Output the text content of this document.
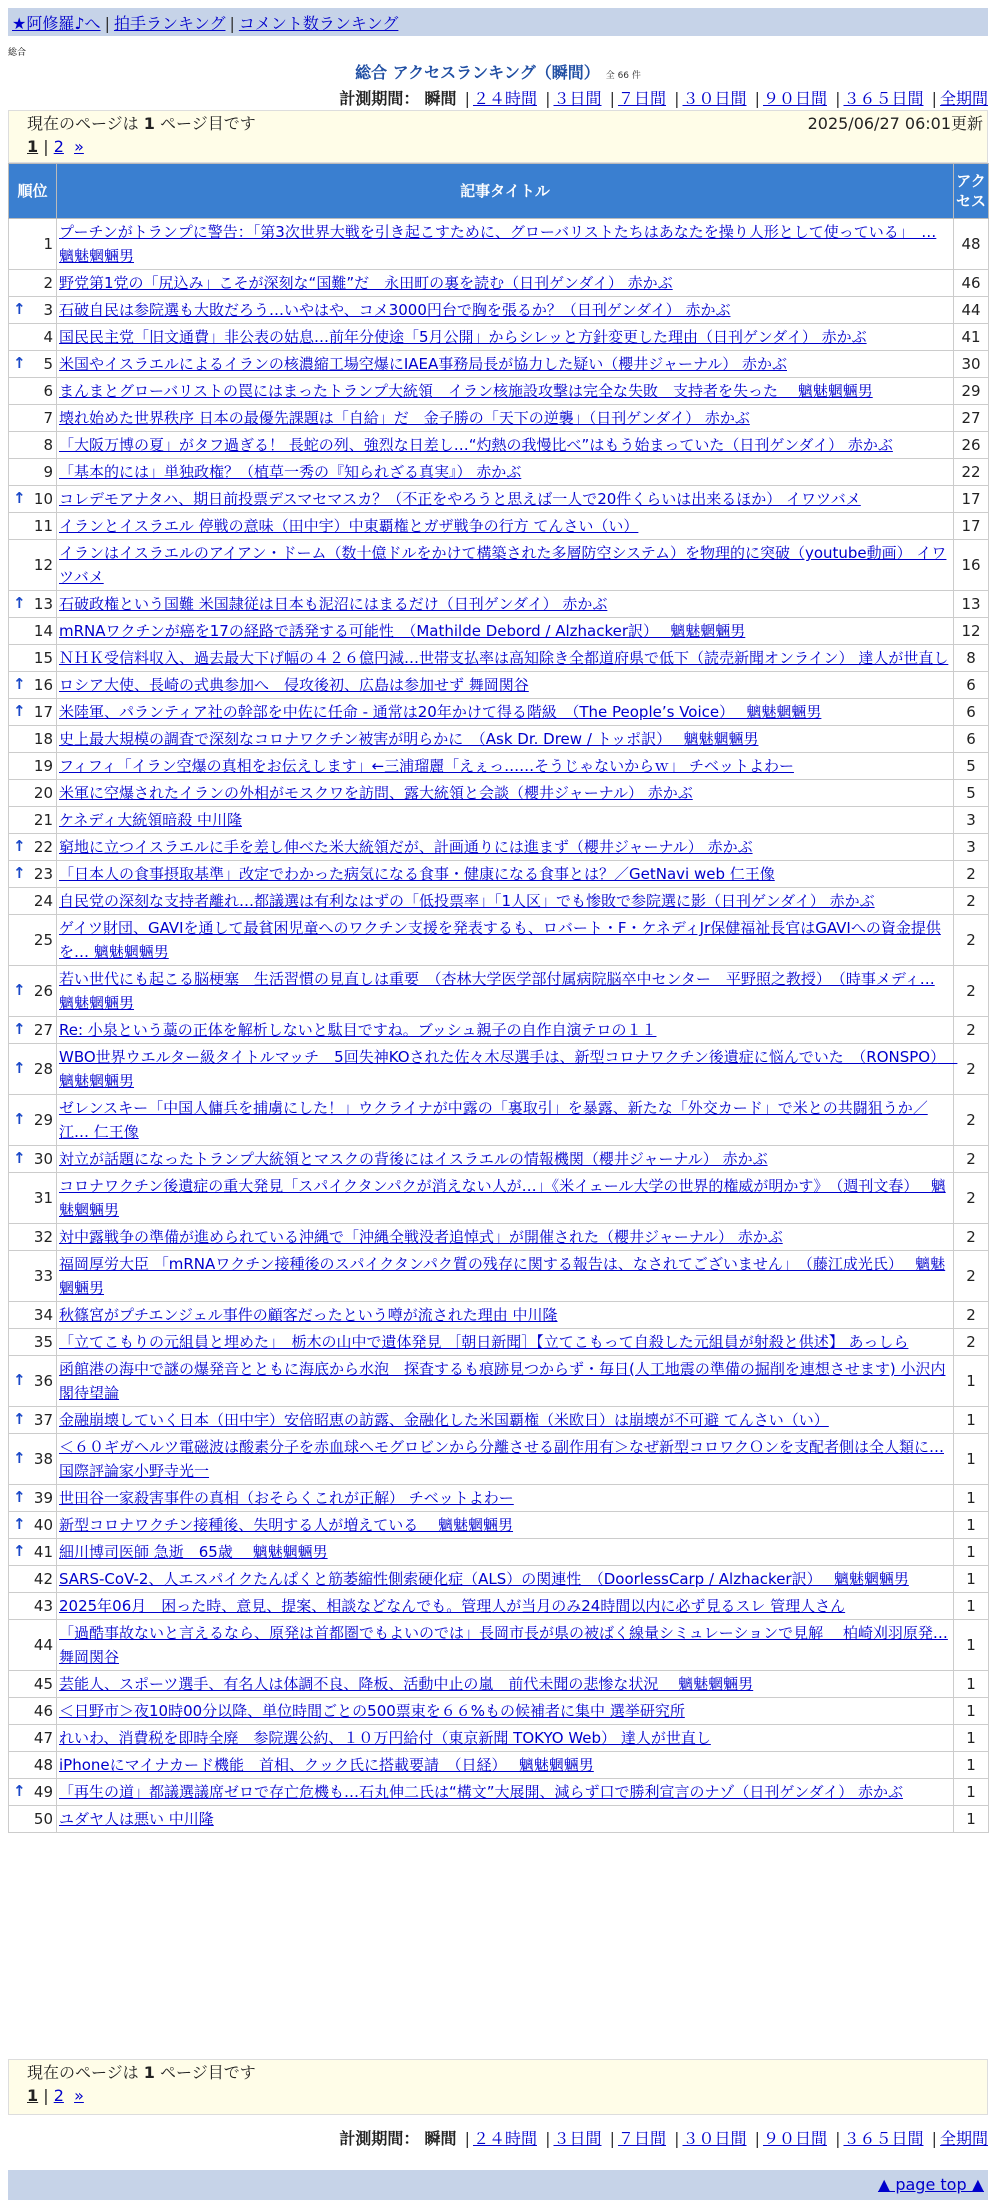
★阿修羅♪へ | 拍手ランキング | コメント数ランキング
総合
総合 アクセスランキング（瞬間） 全 66 件
計測期間： 瞬間 | ２４時間 | ３日間 | ７日間 | ３０日間 | ９０日間 | ３６５日間 | 全期間
現在のページは 1 ページ目です	2025/06/27 06:01更新
1 | 2 »
順位	記事タイトル	アクセス
1	プーチンがトランプに警告：「第3次世界大戦を引き起こすために、グローバリストたちはあなたを操り人形として使っている」　… 魑魅魍魎男	48
2	野党第1党の「尻込み」こそが深刻な“国難”だ　永田町の裏を読む（日刊ゲンダイ） 赤かぶ	46

↑ 3	石破自民は参院選も大敗だろう…いやはや、コメ3000円台で胸を張るか？（日刊ゲンダイ） 赤かぶ	44
4	国民民主党「旧文通費」非公表の姑息…前年分使途「5月公開」からシレッと方針変更した理由（日刊ゲンダイ） 赤かぶ	41

↑ 5	米国やイスラエルによるイランの核濃縮工場空爆にIAEA事務局長が協力した疑い（櫻井ジャーナル） 赤かぶ	30
6	まんまとグローバリストの罠にはまったトランプ大統領　イラン核施設攻撃は完全な失敗　支持者を失った　 魑魅魍魎男	29
7	壊れ始めた世界秩序 日本の最優先課題は「自給」だ　金子勝の「天下の逆襲」（日刊ゲンダイ） 赤かぶ	27
8	「大阪万博の夏」がタフ過ぎる！ 長蛇の列、強烈な日差し…“灼熱の我慢比べ”はもう始まっていた（日刊ゲンダイ） 赤かぶ	26
9	「基本的には」単独政権？（植草一秀の『知られざる真実』） 赤かぶ	22

↑ 10	コレデモアナタハ、期日前投票デスマセマスカ？（不正をやろうと思えば一人で20件くらいは出来るほか） イワツバメ	17
11	イランとイスラエル 停戦の意味（田中宇）中東覇権とガザ戦争の行方 てんさい（い）	17
12	イランはイスラエルのアイアン・ドーム（数十億ドルをかけて構築された多層防空システム）を物理的に突破（youtube動画） イワツバメ	16

↑ 13	石破政権という国難 米国隷従は日本も泥沼にはまるだけ（日刊ゲンダイ） 赤かぶ	13
14	mRNAワクチンが癌を17の経路で誘発する可能性　（Mathilde Debord / Alzhacker訳）　 魑魅魍魎男	12
15	ＮＨＫ受信料収入、過去最大下げ幅の４２６億円減…世帯支払率は高知除き全都道府県で低下（読売新聞オンライン） 達人が世直し	8

↑ 16	ロシア大使、長崎の式典参加へ　侵攻後初、広島は参加せず 舞岡関谷	6

↑ 17	米陸軍、パランティア社の幹部を中佐に任命 - 通常は20年かけて得る階級　（The People’s Voice）　 魑魅魍魎男	6
18	史上最大規模の調査で深刻なコロナワクチン被害が明らかに　（Ask Dr. Drew / トッポ訳）　 魑魅魍魎男	6
19	フィフィ「イラン空爆の真相をお伝えします」←三浦瑠麗「えぇっ……そうじゃないからｗ」 チベットよわー	5
20	米軍に空爆されたイランの外相がモスクワを訪問、露大統領と会談（櫻井ジャーナル） 赤かぶ	5
21	ケネディ大統領暗殺 中川隆	3

↑ 22	窮地に立つイスラエルに手を差し伸べた米大統領だが、計画通りには進まず（櫻井ジャーナル） 赤かぶ	3

↑ 23	「日本人の食事摂取基準」改定でわかった病気になる食事・健康になる食事とは？／GetNavi web 仁王像	2
24	自民党の深刻な支持者離れ…都議選は有利なはずの「低投票率」「1人区」でも惨敗で参院選に影（日刊ゲンダイ） 赤かぶ	2
25	ゲイツ財団、GAVIを通して最貧困児童へのワクチン支援を発表するも、ロバート・F・ケネディJr保健福祉長官はGAVIへの資金提供を… 魑魅魍魎男	2

↑ 26	若い世代にも起こる脳梗塞　生活習慣の見直しは重要　（杏林大学医学部付属病院脳卒中センター　平野照之教授）　（時事メディ… 魑魅魍魎男	2

↑ 27	Re: 小泉という藁の正体を解析しないと駄目ですね。ブッシュ親子の自作自演テロの１１	2

↑ 28	WBO世界ウエルター級タイトルマッチ　5回失神KOされた佐々木尽選手は、新型コロナワクチン後遺症に悩んでいた　（RONSPO）　 魑魅魍魎男	2

↑ 29	ゼレンスキー「中国人傭兵を捕虜にした！」ウクライナが中露の「裏取引」を暴露、新たな「外交カード」で米との共闘狙うか／江… 仁王像	2

↑ 30	対立が話題になったトランプ大統領とマスクの背後にはイスラエルの情報機関（櫻井ジャーナル） 赤かぶ	2
31	コロナワクチン後遺症の重大発見「スパイクタンパクが消えない人が…」《米イェール大学の世界的権威が明かす》　（週刊文春）　 魑魅魍魎男	2
32	対中露戦争の準備が進められている沖縄で「沖縄全戦没者追悼式」が開催された（櫻井ジャーナル） 赤かぶ	2
33	福岡厚労大臣 「mRNAワクチン接種後のスパイクタンパク質の残存に関する報告は、なされてございません」　（藤江成光氏）　 魑魅魍魎男	2
34	秋篠宮がプチエンジェル事件の顧客だったという噂が流された理由 中川隆	2
35	「立てこもりの元組員と埋めた」　栃木の山中で遺体発見 ［朝日新聞］【立てこもって自殺した元組員が射殺と供述】 あっしら	2

↑ 36	函館港の海中で謎の爆発音とともに海底から水泡　探査するも痕跡見つからず・毎日(人工地震の準備の掘削を連想させます) 小沢内閣待望論	1

↑ 37	金融崩壊していく日本（田中宇）安倍昭恵の訪露、金融化した米国覇権（米欧日）は崩壊が不可避 てんさい（い）	1

↑ 38	＜６０ギガヘルツ電磁波は酸素分子を赤血球ヘモグロビンから分離させる副作用有＞なぜ新型コロワクＯンを支配者側は全人類に… 国際評論家小野寺光一	1

↑ 39	世田谷一家殺害事件の真相（おそらくこれが正解） チベットよわー	1

↑ 40	新型コロナワクチン接種後、失明する人が増えている　 魑魅魍魎男	1

↑ 41	細川博司医師 急逝　65歳　 魑魅魍魎男	1
42	SARS-CoV-2、人エスパイクたんぱくと筋萎縮性側索硬化症（ALS）の関連性　（DoorlessCarp / Alzhacker訳）　 魑魅魍魎男	1
43	2025年06月　困った時、意見、提案、相談などなんでも。管理人が当月のみ24時間以内に必ず見るスレ 管理人さん	1
44	「過酷事故ないと言えるなら、原発は首都圏でもよいのでは」長岡市長が県の被ばく線量シミュレーションで見解　 柏崎刈羽原発… 舞岡関谷	1
45	芸能人、スポーツ選手、有名人は体調不良、降板、活動中止の嵐　前代未聞の悲惨な状況　 魑魅魍魎男	1
46	＜日野市＞夜10時00分以降、単位時間ごとの500票束を６６%もの候補者に集中 選挙研究所	1
47	れいわ、消費税を即時全廃　参院選公約、１０万円給付（東京新聞 TOKYO Web） 達人が世直し	1
48	iPhoneにマイナカード機能　首相、クック氏に搭載要請　（日経）　 魑魅魍魎男	1

↑ 49	「再生の道」都議選議席ゼロで存亡危機も…石丸伸二氏は“構文”大展開、減らず口で勝利宣言のナゾ（日刊ゲンダイ） 赤かぶ	1
50	ユダヤ人は悪い 中川隆	1
現在のページは 1 ページ目です
1 | 2 »
計測期間： 瞬間 | ２４時間 | ３日間 | ７日間 | ３０日間 | ９０日間 | ３６５日間 | 全期間
▲ page top ▲
